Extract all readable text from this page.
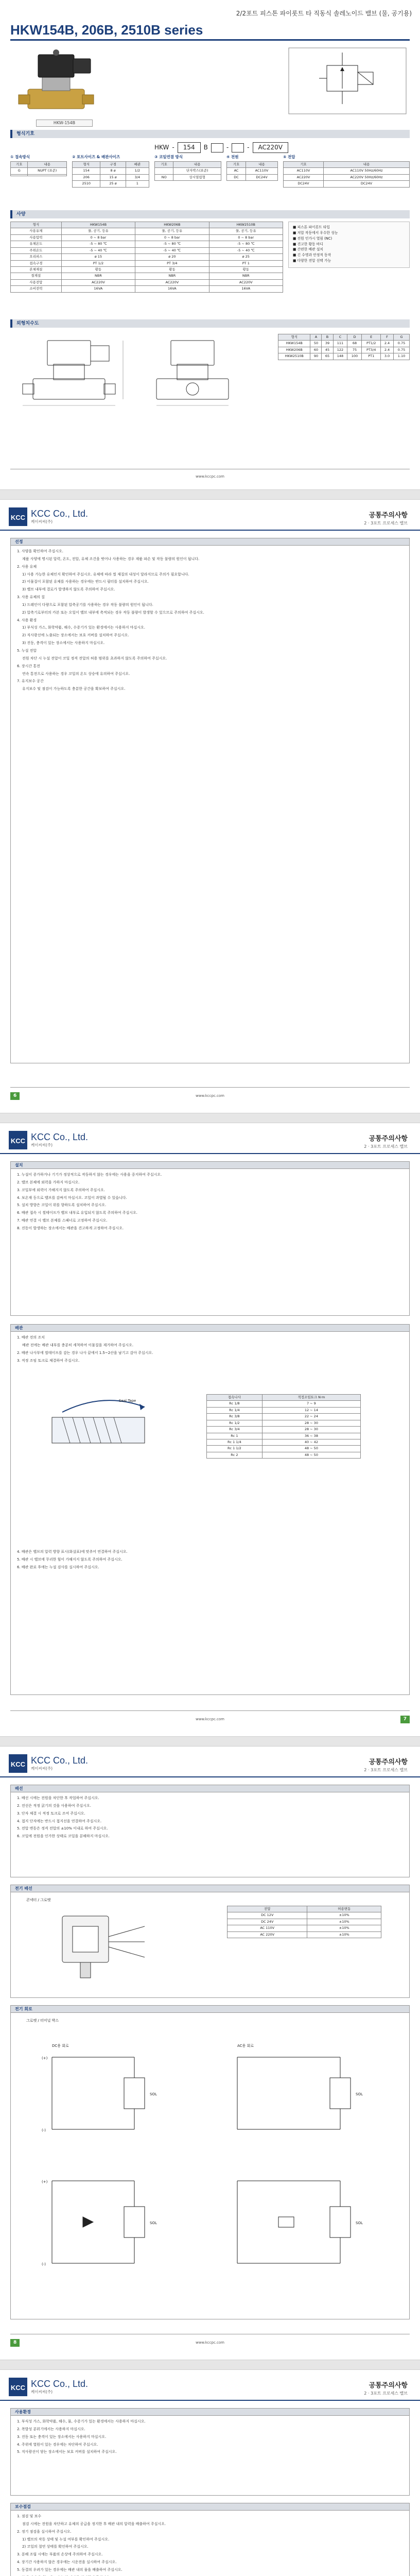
2/2포트 피스톤 파이롯트 타 직동식 솔레노이드 밸브 (물, 공기용)
HKW154B, 206B, 2510B series
HKW-154B
형식기호
HKW -	154	B	-	-	AC220V
① 접속방식
기호	내용
G	NUPT (표준)

② 포트사이즈 & 배관사이즈
형식	구경	배관
154	8 ø	1/2
206	15 ø	3/4
2510	25 ø	1
③ 코일연결 방식
기호	내용
	단자박스(표준)
NO	상시열림형
④ 전원
기호	내용
AC	AC110V
DC	DC24V
⑤ 전압
기호	내용
AC110V	AC110V 50Hz/60Hz
AC220V	AC220V 50Hz/60Hz
DC24V	DC24V
사양
형식	HKW154B	HKW206B	HKW2510B
사용유체	물, 공기, 등유	물, 공기, 등유	물, 공기, 등유
사용압력	0 ~ 8 bar	0 ~ 8 bar	0 ~ 8 bar
유체온도	-5 ~ 80 ℃	-5 ~ 80 ℃	-5 ~ 80 ℃
주위온도	-5 ~ 40 ℃	-5 ~ 40 ℃	-5 ~ 40 ℃
오리피스	ø 15	ø 20	ø 25
접속구경	PT 1/2	PT 3/4	PT 1
본체재질	황동	황동	황동
씰재질	NBR	NBR	NBR
사용전압	AC220V	AC220V	AC220V
소비전력	16VA	16VA	16VA
■ 피스톤 파이롯트 타입
■ 저압 작동에서 우수한 성능
■ 전원 인가시 열림 (NC)
■ 견고한 황동 바디
■ 간편한 배관 설치
■ 긴 수명과 안정적 동작
■ 다양한 전압 선택 가능
외형치수도
형식	A	B	C	D	E	F	G
HKW154B	50	39	111	68	PT1/2	2.4	0.75
HKW206B	60	45	122	75	PT3/4	2.4	0.75
HKW2510B	90	65	148	100	PT1	3.0	1.10
www.kccpc.com
KCC KCC Co., Ltd.
케이씨씨(주)
공통주의사항
2 · 3포트 프로세스 밸브
선정
1. 사양을 확인하여 주십시오.
제품 사양에 명시된 압력, 온도, 전압, 유체 조건을 벗어나 사용하는 경우 제품 파손 및 작동 불량의 원인이 됩니다.
2. 사용 유체
1) 사용 가능한 유체인지 확인하여 주십시오. 유체에 따라 씰 재질의 내성이 달라지므로 주의가 필요합니다.
2) 이물질이 포함된 유체를 사용하는 경우에는 반드시 필터를 설치하여 주십시오.
3) 밸브 내부에 결로가 발생하지 않도록 주의하여 주십시오.
3. 사용 유체의 질
1) 드레인이 다량으로 포함된 압축공기를 사용하는 경우 작동 불량의 원인이 됩니다.
2) 압축기로부터의 카본 또는 오일이 밸브 내부에 축적되는 경우 작동 불량이 발생할 수 있으므로 주의하여 주십시오.
4. 사용 환경
1) 부식성 가스, 화학약품, 해수, 수증기가 있는 환경에서는 사용하지 마십시오.
2) 직사광선에 노출되는 장소에서는 보호 커버를 설치하여 주십시오.
3) 진동, 충격이 있는 장소에서는 사용하지 마십시오.
5. 누설 전압
전원 차단 시 누설 전압이 코일 정격 전압의 허용 범위를 초과하지 않도록 주의하여 주십시오.
6. 장시간 통전
연속 통전으로 사용하는 경우 코일의 온도 상승에 유의하여 주십시오.
7. 유지보수 공간
유지보수 및 점검이 가능하도록 충분한 공간을 확보하여 주십시오.
6	www.kccpc.com
KCC KCC Co., Ltd.
케이씨씨(주)
공통주의사항
2 · 3포트 프로세스 밸브
설치
1. 누설이 증가하거나 기기가 정상적으로 작동하지 않는 경우에는 사용을 중지하여 주십시오.
2. 밸브 본체에 외력을 가하지 마십시오.
3. 코일부에 외력이 가해지지 않도록 주의하여 주십시오.
4. 보온재 등으로 밸브를 감싸지 마십시오. 코일이 과열될 수 있습니다.
5. 설치 방향은 코일이 위를 향하도록 설치하여 주십시오.
6. 배관 접속 시 씰테이프가 밸브 내부로 유입되지 않도록 주의하여 주십시오.
7. 배관 연결 시 밸브 본체를 스패너로 고정하여 주십시오.
8. 진동이 발생하는 장소에서는 배관을 견고하게 고정하여 주십시오.
배관
1. 배관 전의 조치
배관 전에는 배관 내부를 충분히 세척하여 이물질을 제거하여 주십시오.
2. 배관 나사부에 씰테이프를 감는 경우 나사 끝에서 1.5~2산을 남기고 감아 주십시오.
3. 적정 조임 토크로 체결하여 주십시오.
Seal Tape
접속나사	적정조임토크 N·m
Rc 1/8	7 ~ 9
Rc 1/4	12 ~ 14
Rc 3/8	22 ~ 24
Rc 1/2	28 ~ 30
Rc 3/4	28 ~ 30
Rc 1	36 ~ 38
Rc 1 1/4	40 ~ 42
Rc 1 1/2	48 ~ 50
Rc 2	48 ~ 50
4. 배관은 밸브의 압력 방향 표시(화살표)에 맞추어 연결하여 주십시오.
5. 배관 시 밸브에 무리한 힘이 가해지지 않도록 주의하여 주십시오.
6. 배관 완료 후에는 누설 검사를 실시하여 주십시오.
www.kccpc.com	7
KCC KCC Co., Ltd.
케이씨씨(주)
공통주의사항
2 · 3포트 프로세스 밸브
배선
1. 배선 시에는 전원을 차단한 후 작업하여 주십시오.
2. 전선은 적정 굵기의 것을 사용하여 주십시오.
3. 단자 체결 시 적정 토크로 조여 주십시오.
4. 접지 단자에는 반드시 접지선을 연결하여 주십시오.
5. 전압 변동은 정격 전압의 ±10% 이내로 하여 주십시오.
6. 코일에 전원을 인가한 상태로 코일을 분해하지 마십시오.
전기 배선
콘넥터 / 그로멧
전압	허용변동
DC 12V	±10%
DC 24V	±10%
AC 110V	±10%
AC 220V	±10%
전기 회로
그로멧 / 터미널 박스
DC용 회로	AC용 회로
SOL
SOL
SOL
SOL
(+)
(-)
(+)
(-)
8	www.kccpc.com
KCC KCC Co., Ltd.
케이씨씨(주)
공통주의사항
2 · 3포트 프로세스 밸브
사용환경
1. 부식성 가스, 화학약품, 해수, 물, 수증기가 있는 환경에서는 사용하지 마십시오.
2. 폭발성 분위기에서는 사용하지 마십시오.
3. 진동 또는 충격이 있는 장소에서는 사용하지 마십시오.
4. 주위에 열원이 있는 경우에는 차단하여 주십시오.
5. 직사광선이 닿는 장소에서는 보호 커버를 설치하여 주십시오.
보수점검
1. 점검 및 보수
점검 시에는 전원을 차단하고 유체의 공급을 정지한 후 배관 내의 압력을 배출하여 주십시오.
2. 정기 점검을 실시하여 주십시오.
1) 밸브의 작동 상태 및 누설 여부를 확인하여 주십시오.
2) 코일의 절연 상태를 확인하여 주십시오.
3. 분해 조립 시에는 부품의 손상에 주의하여 주십시오.
4. 장기간 사용하지 않은 경우에는 시운전을 실시하여 주십시오.
5. 동결의 우려가 있는 경우에는 배관 내의 물을 배출하여 주십시오.
